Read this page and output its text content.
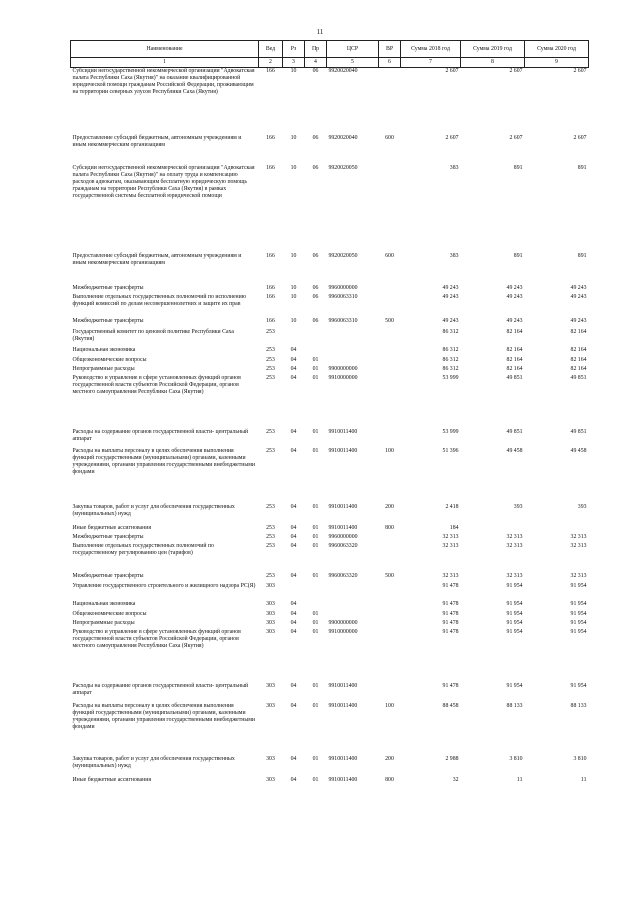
11
Наименование	Вед	Рз	Пр	ЦСР	ВР	Сумма 2018 год	Сумма 2019 год	Сумма 2020 год
1	2	3	4	5	6	7	8	9
Субсидии негосударственной некоммерческой организации "Адвокатская палата Республики Саха (Якутия)" на оказание квалифицированной юридической помощи гражданам Российской Федерации, проживающим на территории северных улусов Республики Саха (Якутия)	166	10	06	9920020040		2 607	2 607	2 607
Предоставление субсидий бюджетным, автономным учреждениям и иным некоммерческим организациям	166	10	06	9920020040	600	2 607	2 607	2 607
Субсидии негосударственной некоммерческой организации "Адвокатская палата Республики Саха (Якутия)" на оплату труда и компенсацию расходов адвокатам, оказывающим бесплатную юридическую помощь гражданам на территории Республики Саха (Якутия) в рамках государственной системы бесплатной юридической помощи	166	10	06	9920020050		383	891	891
Предоставление субсидий бюджетным, автономным учреждениям и иным некоммерческим организациям	166	10	06	9920020050	600	383	891	891
Межбюджетные трансферты	166	10	06	9960000000		49 243	49 243	49 243
Выполнение отдельных государственных полномочий по исполнению функций комиссий по делам несовершеннолетних и защите их прав	166	10	06	9960063310		49 243	49 243	49 243
Межбюджетные трансферты	166	10	06	9960063310	500	49 243	49 243	49 243
Государственный комитет по ценовой политике Республики Саха (Якутия)	253					86 312	82 164	82 164
Национальная экономика	253	04				86 312	82 164	82 164
Общеэкономические вопросы	253	04	01			86 312	82 164	82 164
Непрограммные расходы	253	04	01	9900000000		86 312	82 164	82 164
Руководство и управление в сфере установленных функций органов государственной власти субъектов Российской Федерации, органов местного самоуправления Республики Саха (Якутия)	253	04	01	9910000000		53 999	49 851	49 851
Расходы на содержание органов государственной власти- центральный аппарат	253	04	01	9910011400		53 999	49 851	49 851
Расходы на выплаты персоналу в целях обеспечения выполнения функций государственными (муниципальными) органами, казенными учреждениями, органами управления государственными внебюджетными фондами	253	04	01	9910011400	100	51 396	49 458	49 458
Закупка товаров, работ и услуг для обеспечения государственных (муниципальных) нужд	253	04	01	9910011400	200	2 418	393	393
Иные бюджетные ассигнования	253	04	01	9910011400	800	184		
Межбюджетные трансферты	253	04	01	9960000000		32 313	32 313	32 313
Выполнение отдельных государственных полномочий по государственному регулированию цен (тарифов)	253	04	01	9960063320		32 313	32 313	32 313
Межбюджетные трансферты	253	04	01	9960063320	500	32 313	32 313	32 313
Управление государственного строительного и жилищного надзора РС(Я)	303					91 478	91 954	91 954
Национальная экономика	303	04				91 478	91 954	91 954
Общеэкономические вопросы	303	04	01			91 478	91 954	91 954
Непрограммные расходы	303	04	01	9900000000		91 478	91 954	91 954
Руководство и управление в сфере установленных функций органов государственной власти субъектов Российской Федерации, органов местного самоуправления Республики Саха (Якутия)	303	04	01	9910000000		91 478	91 954	91 954
Расходы на содержание органов государственной власти- центральный аппарат	303	04	01	9910011400		91 478	91 954	91 954
Расходы на выплаты персоналу в целях обеспечения выполнения функций государственными (муниципальными) органами, казенными учреждениями, органами управления государственными внебюджетными фондами	303	04	01	9910011400	100	88 458	88 133	88 133
Закупка товаров, работ и услуг для обеспечения государственных (муниципальных) нужд	303	04	01	9910011400	200	2 988	3 810	3 810
Иные бюджетные ассигнования	303	04	01	9910011400	800	32	11	11
